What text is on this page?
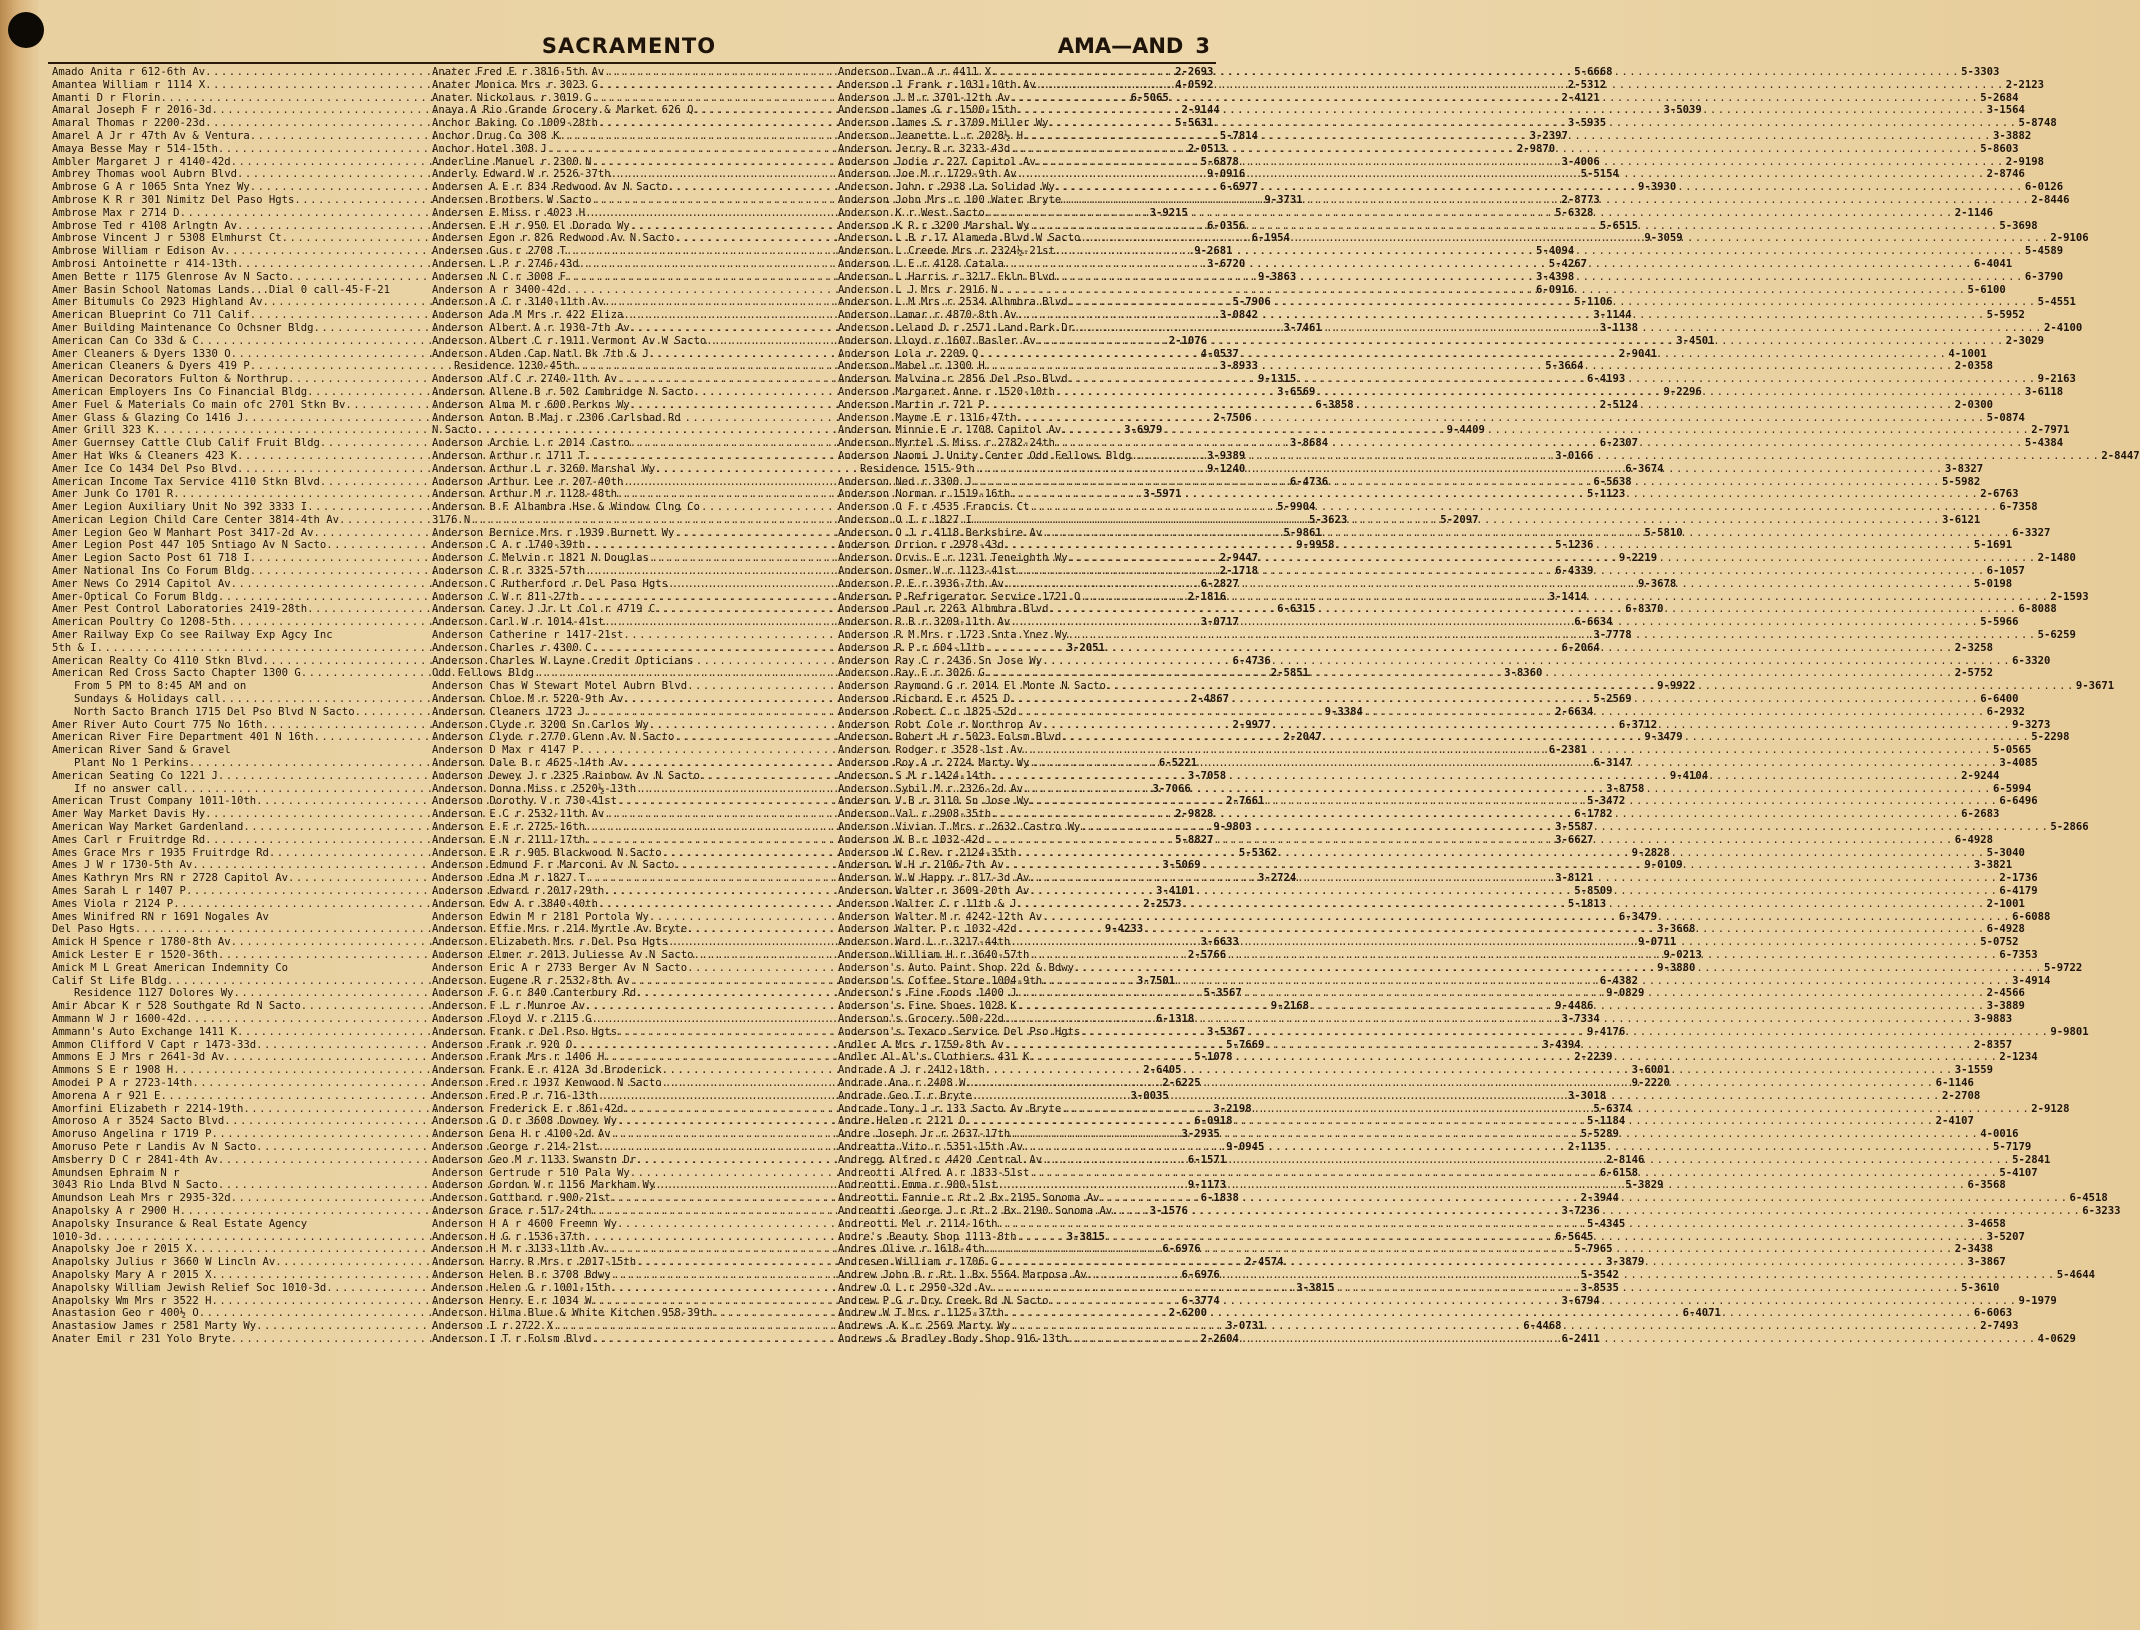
SACRAMENTO	AMA—AND 3
Amado Anita r 612-6th Av .....	2-2693
Amantea William r 1114 X .....	4-0592
Amanti D r Florin .....	6-5065
Amaral Joseph F r 2016-3d .....	2-9144
Amaral Thomas r 2200-23d .....	5-5631
Amarel A Jr r 47th Av & Ventura .....	5-7814
Amaya Besse May r 514-15th .....	2-0513
Ambler Margaret J r 4140-42d .....	5-6878
Ambrey Thomas wool Aubrn Blvd .....	9-0916
Ambrose G A r 1065 Snta Ynez Wy .....	6-6977
Ambrose K R r 301 Nimitz Del Paso Hgts .....	9-3731
Ambrose Max r 2714 D .....	3-9215
Ambrose Ted r 4108 Arlngtn Av .....	6-0356
Ambrose Vincent J r 5308 Elmhurst Ct .....	6-1954
Ambrose William r Edison Av .....	9-2681
Ambrosi Antoinette r 414-13th .....	3-6720
Amen Bette r 1175 Glenrose Av N Sacto .....	9-3863
Amer Basin School Natomas Lands...Dial 0 call-45-F-21
Amer Bitumuls Co 2923 Highland Av .....	5-7906
American Blueprint Co 711 Calif .....	3-0842
Amer Building Maintenance Co Ochsner Bldg .....	3-7461
American Can Co 33d & C .....	2-1076
Amer Cleaners & Dyers 1330 O .....	4-0537
American Cleaners & Dyers 419 P .....	3-8933
American Decorators Fulton & Northrup .....	9-1315
American Employers Ins Co Financial Bldg .....	3-6569
Amer Fuel & Materials Co main ofc 2701 Stkn Bv .....	6-3858
Amer Glass & Glazing Co 1416 J .....	2-7506
Amer Grill 323 K .....	3-6979
Amer Guernsey Cattle Club Calif Fruit Bldg .....	3-8684
Amer Hat Wks & Cleaners 423 K .....	3-9389
Amer Ice Co 1434 Del Pso Blvd .....	9-1240
American Income Tax Service 4110 Stkn Blvd .....	6-4736
Amer Junk Co 1701 R .....	3-5971
Amer Legion Auxiliary Unit No 392 3333 I .....	5-9904
American Legion Child Care Center 3814-4th Av .....	5-3623
Amer Legion Geo W Manhart Post 3417-2d Av .....	5-9861
Amer Legion Post 447 105 Sntiago Av N Sacto .....	9-9958
Amer Legion Sacto Post 61 718 I .....	2-9447
Amer National Ins Co Forum Bldg .....	2-1718
Amer News Co 2914 Capitol Av .....	6-2827
Amer-Optical Co Forum Bldg .....	2-1816
Amer Pest Control Laboratories 2419-28th .....	6-6315
American Poultry Co 1208-5th .....	3-0717
Amer Railway Exp Co see Railway Exp Agcy Inc
5th & I .....	3-2051
American Realty Co 4110 Stkn Blvd .....	6-4736
American Red Cross Sacto Chapter 1300 G .....	2-5851
From 5 PM to 8:45 AM and on
Sundays & Holidays call .....	2-4867
North Sacto Branch 1715 Del Pso Blvd N Sacto .....	9-3384
Amer River Auto Court 775 No 16th .....	2-9977
American River Fire Department 401 N 16th .....	2-2047
American River Sand & Gravel
Plant No 1 Perkins .....	6-5221
American Seating Co 1221 J .....	3-7058
If no answer call .....	3-7066
American Trust Company 1011-10th .....	2-7661
Amer Way Market Davis Hy .....	2-9828
American Way Market Gardenland .....	9-9803
Ames Carl r Fruitrdge Rd .....	5-8827
Ames Grace Mrs r 1935 Fruitrdge Rd .....	5-5362
Ames J W r 1730-5th Av .....	3-5069
Ames Kathryn Mrs RN r 2728 Capitol Av .....	3-2724
Ames Sarah L r 1407 P .....	3-4101
Ames Viola r 2124 P .....	2-2573
Ames Winifred RN r 1691 Nogales Av
Del Paso Hgts .....	9-4233
Amick H Spence r 1780-8th Av .....	3-6633
Amick Lester E r 1520-36th .....	2-5766
Amick M L Great American Indemnity Co
Calif St Life Bldg .....	3-7501
Residence 1127 Dolores Wy .....	5-3567
Amir Abcar K r 528 Southgate Rd N Sacto .....	9-2168
Ammann W J r 1600-42d .....	6-1318
Ammann's Auto Exchange 1411 K .....	3-5367
Ammon Clifford V Capt r 1473-33d .....	5-7669
Ammons E J Mrs r 2641-3d Av .....	5-1078
Ammons S E r 1908 H .....	2-6405
Amodei P A r 2723-14th .....	2-6225
Amorena A r 921 E .....	3-0035
Amorfini Elizabeth r 2214-19th .....	3-2198
Amoroso A r 3524 Sacto Blvd .....	6-0918
Amoruso Angelina r 1719 P .....	3-2935
Amoruso Pete r Landis Av N Sacto .....	9-0945
Amsberry D C r 2841-4th Av .....	6-1571
Amundsen Ephraim N r
3043 Rio Lnda Blvd N Sacto .....	9-1173
Amundson Leah Mrs r 2935-32d .....	6-1838
Anapolsky A r 2900 H .....	3-1576
Anapolsky Insurance & Real Estate Agency
1010-3d .....	3-3815
Anapolsky Joe r 2015 X .....	6-6976
Anapolsky Julius r 3660 W Lincln Av .....	2-4574
Anapolsky Mary A r 2015 X .....	6-6976
Anapolsky William Jewish Relief Soc 1010-3d .....	3-3815
Anapolsky Wm Mrs r 3522 H .....	6-3774
Anastasion Geo r 400½ O .....	2-6200
Anastasiow James r 2581 Marty Wy .....	3-0731
Anater Emil r 231 Yolo Bryte .....	2-2604
Anater Fred E r 3816-5th Av .....	5-6668
Anater Monica Mrs r 3023 G .....	2-5312
Anater Nickolaus r 3019 G .....	2-4121
Anaya A Rio Grande Grocery & Market 626 Q .....	3-5039
Anchor Baking Co 1009-28th .....	3-5935
Anchor Drug Co 308 K .....	3-2397
Anchor Hotel 308 J .....	2-9870
Anderline Manuel r 2300 N .....	3-4006
Anderly Edward W r 2526-37th .....	5-5154
Andersen A E r 834 Redwood Av N Sacto .....	9-3930
Andersen Brothers W Sacto .....	2-8773
Andersen E Miss r 4023 H .....	5-6328
Andersen E H r 950 El Dorado Wy .....	5-6515
Andersen Egon r 826 Redwood Av N Sacto .....	9-3059
Andersen Gus r 2708 T .....	5-4094
Andersen L P r 2746-43d .....	5-4267
Andersen N C r 3008 F .....	3-4398
Anderson A r 3400-42d .....	6-0916
Anderson A C r 3140-11th Av .....	5-1106
Anderson Ada M Mrs r 422 Eliza .....	3-1144
Anderson Albert A r 1930-7th Av .....	3-1138
Anderson Albert C r 1911 Vermont Av W Sacto .....	3-4501
Anderson Alden Cap Natl Bk 7th & J .....	2-9041
Residence 1230-45th .....	5-3664
Anderson Alf C r 2740-11th Av .....	6-4193
Anderson Allene B r 502 Cambridge N Sacto .....	9-2296
Anderson Alma M r 600 Perkns Wy .....	2-5124
Anderson Anton B Maj r 2306 Carlsbad Rd
N Sacto .....	9-4409
Anderson Archie L r 2014 Castro .....	6-2307
Anderson Arthur r 1711 T .....	3-0166
Anderson Arthur L r 3260 Marshal Wy .....	6-3674
Anderson Arthur Lee r 207-40th .....	6-5638
Anderson Arthur M r 1128-48th .....	5-1123
Anderson B F Alhambra Hse & Window Clng Co
3176 N .....	5-2097
Anderson Bernice Mrs r 1939 Burnett Wy .....	5-5810
Anderson C A r 1740-39th .....	5-1236
Anderson C Melvin r 1821 N Douglas .....	9-2219
Anderson C R r 3325-57th .....	6-4339
Anderson C Rutherford r Del Paso Hgts .....	9-3678
Anderson C W r 811-27th .....	3-1414
Anderson Carey J Jr Lt Col r 4719 C .....	6-8370
Anderson Carl W r 1014-41st .....	6-6634
Anderson Catherine r 1417-21st .....	3-7778
Anderson Charles r 4300 C .....	6-2064
Anderson Charles W Layne Credit Opticians
Odd Fellows Bldg .....	3-8360
Anderson Chas W Stewart Motel Aubrn Blvd .....	9-9922
Anderson Chloe M r 5220-9th Av .....	5-2569
Anderson Cleaners 1723 J .....	2-6634
Anderson Clyde r 3200 Sn Carlos Wy .....	6-3712
Anderson Clyde r 2770 Glenn Av N Sacto .....	9-3479
Anderson D Max r 4147 P .....	6-2381
Anderson Dale B r 4625-14th Av .....	6-3147
Anderson Dewey J r 2325 Rainbow Av N Sacto .....	9-4104
Anderson Donna Miss r 2520½-13th .....	3-8758
Anderson Dorothy V r 730-41st .....	5-3472
Anderson E C r 2532-11th Av .....	6-1782
Anderson E F r 2725-16th .....	3-5587
Anderson E N r 2111-17th .....	3-6627
Anderson E R r 905 Blackwood N Sacto .....	9-2828
Anderson Edmund F r Marconi Av N Sacto .....	9-0109
Anderson Edna M r 1827 T .....	3-8121
Anderson Edward r 2017-29th .....	5-8509
Anderson Edw A r 3840-40th .....	5-1813
Anderson Edwin M r 2181 Portola Wy .....	6-3479
Anderson Effie Mrs r 214 Myrtle Av Bryte .....	3-3668
Anderson Elizabeth Mrs r Del Pso Hgts .....	9-0711
Anderson Elmer r 2013 Juliesse Av N Sacto .....	9-0213
Anderson Eric A r 2733 Berger Av N Sacto .....	9-3880
Anderson Eugene R r 2532-8th Av .....	6-4382
Anderson F G r 840 Canterbury Rd .....	9-0829
Anderson F L r Munroe Av .....	9-4486
Anderson Floyd V r 2115 G .....	3-7334
Anderson Frank r Del Pso Hgts .....	9-4176
Anderson Frank r 920 O .....	3-4394
Anderson Frank Mrs r 1406 H .....	2-2239
Anderson Frank E r 412A 3d Broderick .....	3-6001
Anderson Fred r 1937 Kenwood N Sacto .....	9-2220
Anderson Fred P r 716-13th .....	3-3018
Anderson Frederick E r 861-42d .....	5-6374
Anderson G O r 3608 Downey Wy .....	5-1184
Anderson Gena H r 4100-2d Av .....	5-5289
Anderson George r 214-21st .....	2-1135
Anderson Geo M r 1133 Swanstn Dr .....	2-8146
Anderson Gertrude r 510 Pala Wy .....	6-6158
Anderson Gordon W r 1156 Markham Wy .....	5-3829
Anderson Gotthard r 900-21st .....	2-3944
Anderson Grace r 517-24th .....	3-7236
Anderson H A r 4600 Freemn Wy .....	5-4345
Anderson H G r 1536-37th .....	6-5645
Anderson H M r 3133-11th Av .....	5-7965
Anderson Harry R Mrs r 2017-15th .....	3-3879
Anderson Helen B r 3708 Bdwy .....	5-3542
Anderson Helen G r 1001-15th .....	3-8535
Anderson Henry E r 1034 W .....	3-6794
Anderson Hilma Blue & White Kitchen 958-39th .....	6-4071
Anderson I r 2722 X .....	6-4468
Anderson I T r Folsm Blvd .....	6-2411
Anderson Ivan A r 4411 X .....	5-3303
Anderson J Frank r 1031-10th Av .....	2-2123
Anderson J M r 3701-12th Av .....	5-2684
Anderson James G r 1500-15th .....	3-1564
Anderson James S r 3709 Miller Wy .....	5-8748
Anderson Jeanette L r 2028½ H .....	3-3882
Anderson Jerry R r 3233-43d .....	5-8603
Anderson Jodie r 227 Capitol Av .....	2-9198
Anderson Joe M r 1729-9th Av .....	2-8746
Anderson John r 2938 La Solidad Wy .....	6-0126
Anderson John Mrs r 100 Water Bryte .....	2-8446
Anderson K r West Sacto .....	2-1146
Anderson K R r 3200 Marshal Wy .....	5-3698
Anderson L B r 17 Alameda Blvd W Sacto .....	2-9106
Anderson L Creede Mrs r 2324½-21st .....	5-4589
Anderson L E r 4128 Catala .....	6-4041
Anderson L Harris r 3217 Fkln Blvd .....	6-3790
Anderson L J Mrs r 2916 N .....	5-6100
Anderson L M Mrs r 2534 Alhmbra Blvd .....	5-4551
Anderson Lamar r 4870-8th Av .....	5-5952
Anderson Leland D r 2571 Land Park Dr .....	2-4100
Anderson Lloyd r 1607 Basler Av .....	2-3029
Anderson Lola r 2209 Q .....	4-1001
Anderson Mabel r 1300 H .....	2-0358
Anderson Malvina r 2856 Del Pso Blvd .....	9-2163
Anderson Margaret Anne r 1520-10th .....	3-6118
Anderson Martin r 721 P .....	2-0300
Anderson Mayme E r 1316-47th .....	5-0874
Anderson Minnie E r 1708 Capitol Av .....	2-7971
Anderson Myrtel S Miss r 2782-24th .....	5-4384
Anderson Naomi J Unity Center Odd Fellows Bldg .....	2-8447
Residence 1515-9th .....	3-8327
Anderson Ned r 3300 J .....	5-5982
Anderson Norman r 1519-16th .....	2-6763
Anderson O F r 4535 Francis Ct .....	6-7358
Anderson O I r 1827 I .....	3-6121
Anderson O J r 4118 Berkshire Av .....	6-3327
Anderson Orrion r 2978-43d .....	5-1691
Anderson Orvis E r 1231 Teneighth Wy .....	2-1480
Anderson Osmer W r 1123-41st .....	6-1057
Anderson P E r 3936-7th Av .....	5-0198
Anderson P Refrigerator Service 1721 O .....	2-1593
Anderson Paul r 2263 Alhmbra Blvd .....	6-8088
Anderson R B r 3209-11th Av .....	5-5966
Anderson R M Mrs r 1723 Snta Ynez Wy .....	5-6259
Anderson R P r 604-11th .....	2-3258
Anderson Ray C r 2436 Sn Jose Wy .....	6-3320
Anderson Ray F r 3026 G .....	2-5752
Anderson Raymond G r 2014 El Monte N Sacto .....	9-3671
Anderson Richard E r 4525 D .....	6-6400
Anderson Robert C r 1825-52d .....	6-2932
Anderson Robt Cole r Northrop Av .....	9-3273
Anderson Robert H r 5023 Folsm Blvd .....	5-2298
Anderson Rodger r 3528-1st Av .....	5-0565
Anderson Roy A r 2724 Marty Wy .....	3-4085
Anderson S M r 1424-14th .....	2-9244
Anderson Sybil M r 2326-2d Av .....	6-5994
Anderson V B r 3110 Sn Jose Wy .....	6-6496
Anderson Val r 2908-35th .....	6-2683
Anderson Vivian T Mrs r 2632 Castro Wy .....	5-2866
Anderson W B r 1032-42d .....	6-4928
Anderson W C Rev r 2124-35th .....	5-3040
Anderson W H r 2106-7th Av .....	3-3821
Anderson W W Happy r 817-3d Av .....	2-1736
Anderson Walter r 3609-20th Av .....	6-4179
Anderson Walter C r 11th & J .....	2-1001
Anderson Walter M r 4242-12th Av .....	6-6088
Anderson Walter P r 1032-42d .....	6-4928
Anderson Ward L r 3217-44th .....	5-0752
Anderson William H r 3640-57th .....	6-7353
Anderson's Auto Paint Shop 22d & Bdwy .....	5-9722
Anderson's Coffee Store 1004-9th .....	3-4914
Anderson's Fine Foods 1400 J .....	2-4566
Anderson's Fine Shoes 1028 K .....	3-3889
Anderson's Grocery 500-22d .....	3-9883
Anderson's Texaco Service Del Pso Hgts .....	9-9801
Andler A Mrs r 1759-8th Av .....	2-8357
Andler Al Al's Clothiers 431 K .....	2-1234
Andrade A J r 2412-18th .....	3-1559
Andrade Ana r 2408 W .....	6-1146
Andrade Geo T r Bryte .....	2-2708
Andrade Tony J r 133 Sacto Av Bryte .....	2-9128
Andre Helen r 2121 O .....	2-4107
Andre Joseph Jr r 2637-17th .....	4-0016
Andreatta Vito r 5351-15th Av .....	5-7179
Andregg Alfred r 4420 Central Av .....	5-2841
Andreotti Alfred A r 1833-51st .....	5-4107
Andreotti Emma r 900-51st .....	6-3568
Andreotti Fannie r Rt 2 Bx 2195 Sonoma Av .....	6-4518
Andreotti George J r Rt 2 Bx 2190 Sonoma Av .....	6-3233
Andreotti Mel r 2114-16th .....	3-4658
Andre's Beauty Shop 1113-8th .....	3-5207
Andres Olive r 1618-4th .....	2-3438
Andresen William r 1706 G .....	3-3867
Andrew John B r Rt 1 Bx 5564 Marposa Av .....	5-4644
Andrew O L r 2950-32d Av .....	5-3610
Andrew P G r Dry Creek Rd N Sacto .....	9-1979
Andrew W T Mrs r 1125-37th .....	6-6063
Andrews A K r 2569 Marty Wy .....	2-7493
Andrews & Bradley Body Shop 916-13th .....	4-0629
